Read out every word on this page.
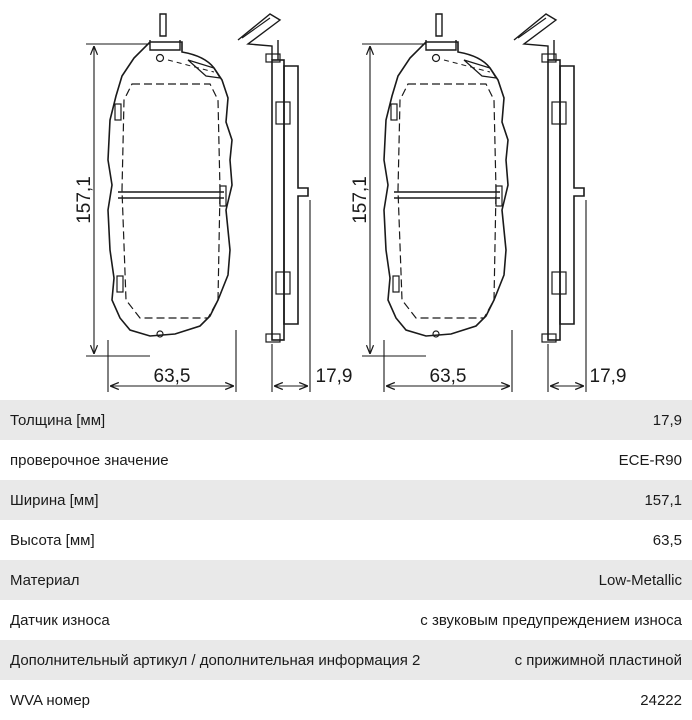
157,1
63,5	17,9
157,1
63,5	17,9
Толщина [мм]	17,9
проверочное значение	ECE-R90
Ширина [мм]	157,1
Высота [мм]	63,5
Материал	Low-Metallic
Датчик износа	с звуковым предупреждением износа
Дополнительный артикул / дополнительная информация 2	с прижимной пластиной
WVA номер	24222
